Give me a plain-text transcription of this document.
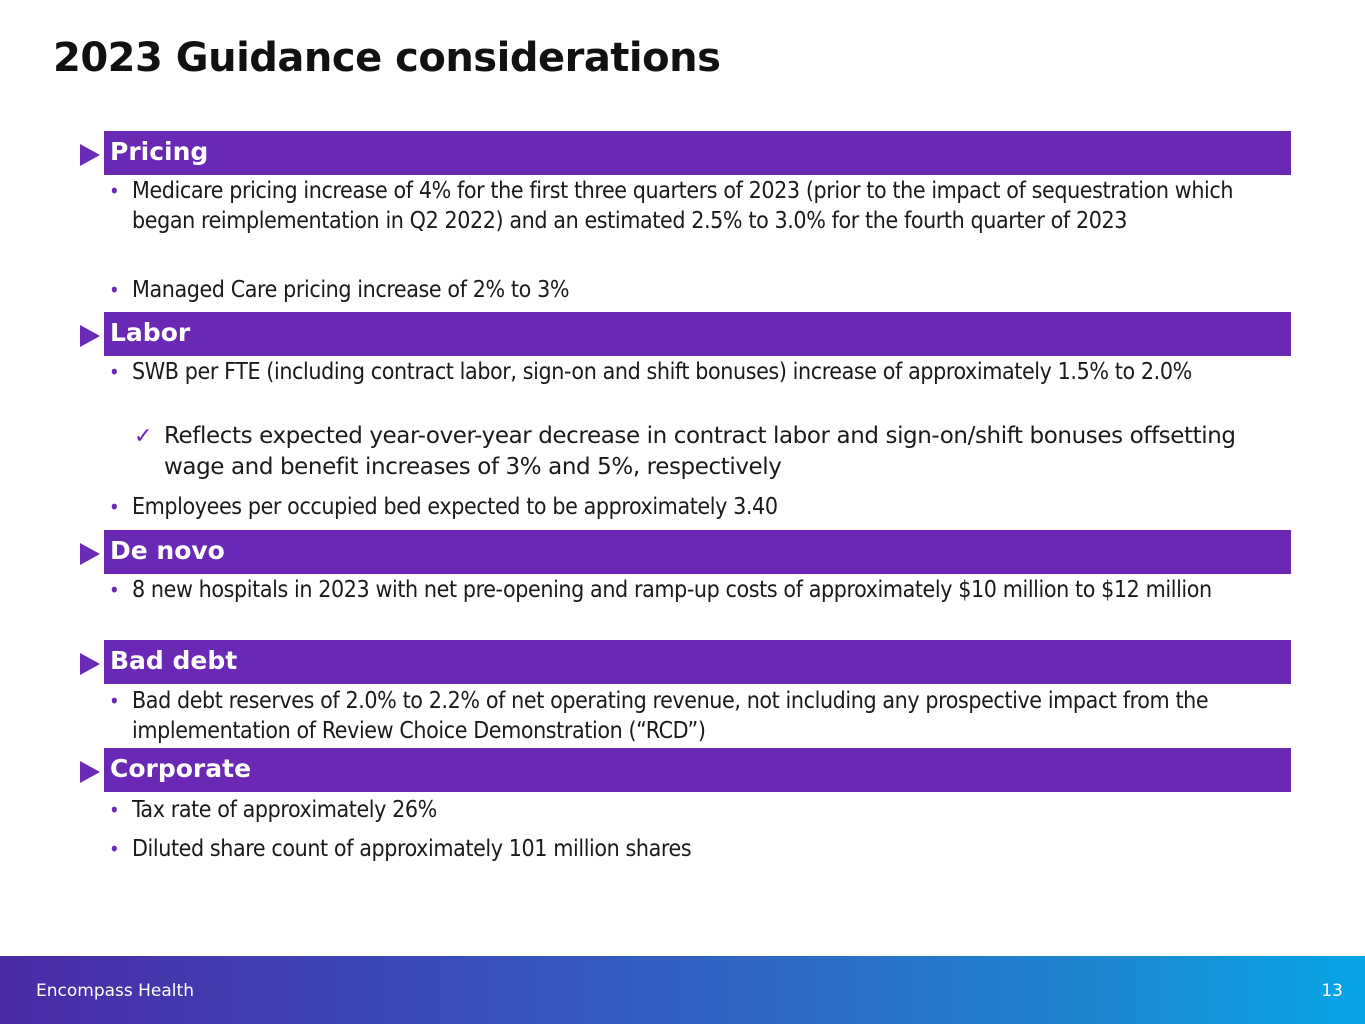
2023 Guidance considerations
Pricing
• Medicare pricing increase of 4% for the first three quarters of 2023 (prior to the impact of sequestration which began reimplementation in Q2 2022) and an estimated 2.5% to 3.0% for the fourth quarter of 2023
• Managed Care pricing increase of 2% to 3%
Labor
• SWB per FTE (including contract labor, sign-on and shift bonuses) increase of approximately 1.5% to 2.0%
✓ Reflects expected year-over-year decrease in contract labor and sign-on/shift bonuses offsetting wage and benefit increases of 3% and 5%, respectively
• Employees per occupied bed expected to be approximately 3.40
De novo
• 8 new hospitals in 2023 with net pre-opening and ramp-up costs of approximately $10 million to $12 million
Bad debt
• Bad debt reserves of 2.0% to 2.2% of net operating revenue, not including any prospective impact from the implementation of Review Choice Demonstration (“RCD”)
Corporate
• Tax rate of approximately 26%
• Diluted share count of approximately 101 million shares
Encompass Health	13
